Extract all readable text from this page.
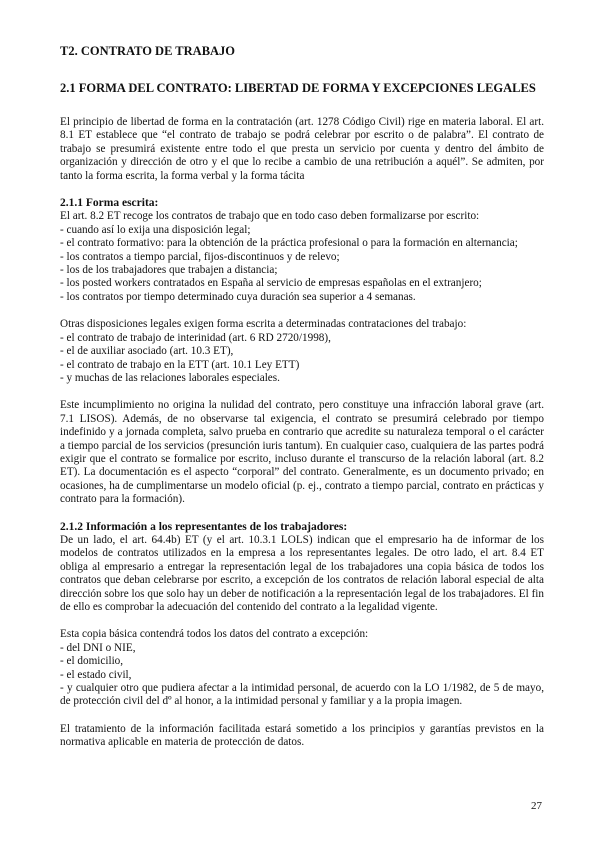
T2. CONTRATO DE TRABAJO
2.1 FORMA DEL CONTRATO: LIBERTAD DE FORMA Y EXCEPCIONES LEGALES

El principio de libertad de forma en la contratación (art. 1278 Código Civil) rige en materia laboral. El art. 8.1 ET establece que “el contrato de trabajo se podrá celebrar por escrito o de palabra”. El contrato de trabajo se presumirá existente entre todo el que presta un servicio por cuenta y dentro del ámbito de organización y dirección de otro y el que lo recibe a cambio de una retribución a aquél”. Se admiten, por tanto la forma escrita, la forma verbal y la forma tácita

2.1.1 Forma escrita:

El art. 8.2 ET recoge los contratos de trabajo que en todo caso deben formalizarse por escrito:

- cuando así lo exija una disposición legal;
- el contrato formativo: para la obtención de la práctica profesional o para la formación en alternancia;
- los contratos a tiempo parcial, fijos-discontinuos y de relevo;
- los de los trabajadores que trabajen a distancia;
- los posted workers contratados en España al servicio de empresas españolas en el extranjero;
- los contratos por tiempo determinado cuya duración sea superior a 4 semanas.

Otras disposiciones legales exigen forma escrita a determinadas contrataciones del trabajo:

- el contrato de trabajo de interinidad (art. 6 RD 2720/1998),
- el de auxiliar asociado (art. 10.3 ET),
- el contrato de trabajo en la ETT (art. 10.1 Ley ETT)
- y muchas de las relaciones laborales especiales.

Este incumplimiento no origina la nulidad del contrato, pero constituye una infracción laboral grave (art. 7.1 LISOS). Además, de no observarse tal exigencia, el contrato se presumirá celebrado por tiempo indefinido y a jornada completa, salvo prueba en contrario que acredite su naturaleza temporal o el carácter a tiempo parcial de los servicios (presunción iuris tantum). En cualquier caso, cualquiera de las partes podrá exigir que el contrato se formalice por escrito, incluso durante el transcurso de la relación laboral (art. 8.2 ET). La documentación es el aspecto “corporal” del contrato. Generalmente, es un documento privado; en ocasiones, ha de cumplimentarse un modelo oficial (p. ej., contrato a tiempo parcial, contrato en prácticas y contrato para la formación).

2.1.2 Información a los representantes de los trabajadores:

De un lado, el art. 64.4b) ET (y el art. 10.3.1 LOLS) indican que el empresario ha de informar de los modelos de contratos utilizados en la empresa a los representantes legales. De otro lado, el art. 8.4 ET obliga al empresario a entregar la representación legal de los trabajadores una copia básica de todos los contratos que deban celebrarse por escrito, a excepción de los contratos de relación laboral especial de alta dirección sobre los que solo hay un deber de notificación a la representación legal de los trabajadores. El fin de ello es comprobar la adecuación del contenido del contrato a la legalidad vigente.

Esta copia básica contendrá todos los datos del contrato a excepción:

- del DNI o NIE,
- el domicilio,
- el estado civil,
- y cualquier otro que pudiera afectar a la intimidad personal, de acuerdo con la LO 1/1982, de 5 de mayo, de protección civil del dº al honor, a la intimidad personal y familiar y a la propia imagen.

El tratamiento de la información facilitada estará sometido a los principios y garantías previstos en la normativa aplicable en materia de protección de datos.

27
